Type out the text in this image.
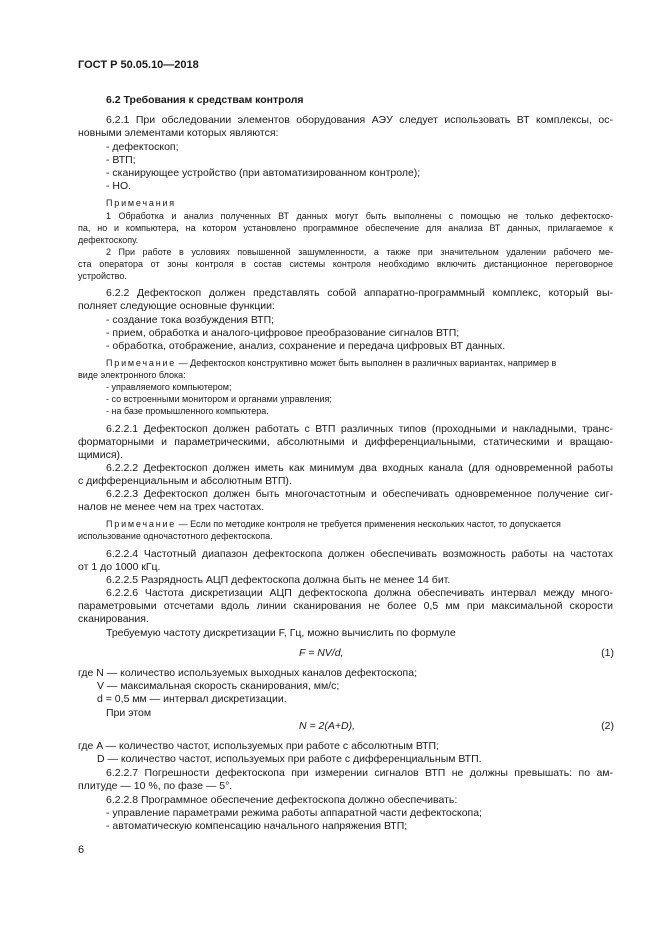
ГОСТ Р 50.05.10—2018
6.2 Требования к средствам контроля
6.2.1 При обследовании элементов оборудования АЭУ следует использовать ВТ комплексы, ос-
новными элементами которых являются:
- дефектоскоп;
- ВТП;
- сканирующее устройство (при автоматизированном контроле);
- НО.
Примечания
1 Обработка и анализ полученных ВТ данных могут быть выполнены с помощью не только дефектоско-
па, но и компьютера, на котором установлено программное обеспечение для анализа ВТ данных, прилагаемое к
дефектоскопу.
2 При работе в условиях повышенной зашумленности, а также при значительном удалении рабочего ме-
ста оператора от зоны контроля в состав системы контроля необходимо включить дистанционное переговорное
устройство.
6.2.2 Дефектоскоп должен представлять собой аппаратно-программный комплекс, который вы-
полняет следующие основные функции:
- создание тока возбуждения ВТП;
- прием, обработка и аналого-цифровое преобразование сигналов ВТП;
- обработка, отображение, анализ, сохранение и передача цифровых ВТ данных.
Примечание — Дефектоскоп конструктивно может быть выполнен в различных вариантах, например в
виде электронного блока:
- управляемого компьютером;
- со встроенными монитором и органами управления;
- на базе промышленного компьютера.
6.2.2.1 Дефектоскоп должен работать с ВТП различных типов (проходными и накладными, транс-
форматорными и параметрическими, абсолютными и дифференциальными, статическими и вращаю-
щимися).
6.2.2.2 Дефектоскоп должен иметь как минимум два входных канала (для одновременной работы
с дифференциальным и абсолютным ВТП).
6.2.2.3 Дефектоскоп должен быть многочастотным и обеспечивать одновременное получение сиг-
налов не менее чем на трех частотах.
Примечание — Если по методике контроля не требуется применения нескольких частот, то допускается
использование одночастотного дефектоскопа.
6.2.2.4 Частотный диапазон дефектоскопа должен обеспечивать возможность работы на частотах
от 1 до 1000 кГц.
6.2.2.5 Разрядность АЦП дефектоскопа должна быть не менее 14 бит.
6.2.2.6 Частота дискретизации АЦП дефектоскопа должна обеспечивать интервал между много-
параметровыми отсчетами вдоль линии сканирования не более 0,5 мм при максимальной скорости
сканирования.
Требуемую частоту дискретизации F, Гц, можно вычислить по формуле
F = NV/d,	(1)
где N — количество используемых выходных каналов дефектоскопа;
V — максимальная скорость сканирования, мм/с;
d = 0,5 мм — интервал дискретизации.
При этом
N = 2(A+D),	(2)
где A — количество частот, используемых при работе с абсолютным ВТП;
D — количество частот, используемых при работе с дифференциальным ВТП.
6.2.2.7 Погрешности дефектоскопа при измерении сигналов ВТП не должны превышать: по ам-
плитуде — 10 %, по фазе — 5°.
6.2.2.8 Программное обеспечение дефектоскопа должно обеспечивать:
- управление параметрами режима работы аппаратной части дефектоскопа;
- автоматическую компенсацию начального напряжения ВТП;
6
